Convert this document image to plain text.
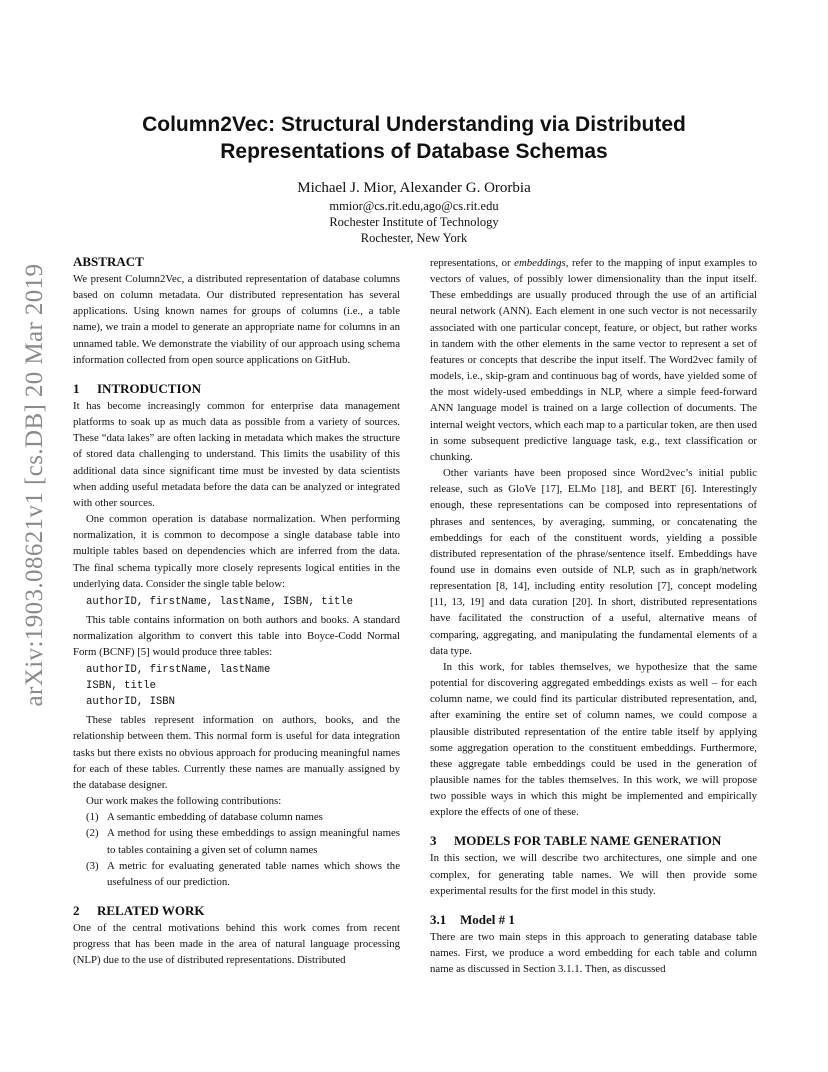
Column2Vec: Structural Understanding via Distributed
Representations of Database Schemas
Michael J. Mior, Alexander G. Ororbia
mmior@cs.rit.edu,ago@cs.rit.edu
Rochester Institute of Technology
Rochester, New York
arXiv:1903.08621v1 [cs.DB] 20 Mar 2019
ABSTRACT

We present Column2Vec, a distributed representation of database columns based on column metadata. Our distributed representation has several applications. Using known names for groups of columns (i.e., a table name), we train a model to generate an appropriate name for columns in an unnamed table. We demonstrate the viability of our approach using schema information collected from open source applications on GitHub.

1 INTRODUCTION

It has become increasingly common for enterprise data management platforms to soak up as much data as possible from a variety of sources. These “data lakes” are often lacking in metadata which makes the structure of stored data challenging to understand. This limits the usability of this additional data since significant time must be invested by data scientists when adding useful metadata before the data can be analyzed or integrated with other sources.

One common operation is database normalization. When performing normalization, it is common to decompose a single database table into multiple tables based on dependencies which are inferred from the data. The final schema typically more closely represents logical entities in the underlying data. Consider the single table below:

authorID, firstName, lastName, ISBN, title

This table contains information on both authors and books. A standard normalization algorithm to convert this table into Boyce-Codd Normal Form (BCNF) [5] would produce three tables:

authorID, firstName, lastName
ISBN, title
authorID, ISBN

These tables represent information on authors, books, and the relationship between them. This normal form is useful for data integration tasks but there exists no obvious approach for producing meaningful names for each of these tables. Currently these names are manually assigned by the database designer.

Our work makes the following contributions:

(1) A semantic embedding of database column names
(2) A method for using these embeddings to assign meaningful names to tables containing a given set of column names
(3) A metric for evaluating generated table names which shows the usefulness of our prediction.
2 RELATED WORK

One of the central motivations behind this work comes from recent progress that has been made in the area of natural language processing (NLP) due to the use of distributed representations. Distributed

representations, or embeddings, refer to the mapping of input examples to vectors of values, of possibly lower dimensionality than the input itself. These embeddings are usually produced through the use of an artificial neural network (ANN). Each element in one such vector is not necessarily associated with one particular concept, feature, or object, but rather works in tandem with the other elements in the same vector to represent a set of features or concepts that describe the input itself. The Word2vec family of models, i.e., skip-gram and continuous bag of words, have yielded some of the most widely-used embeddings in NLP, where a simple feed-forward ANN language model is trained on a large collection of documents. The internal weight vectors, which each map to a particular token, are then used in some subsequent predictive language task, e.g., text classification or chunking.

Other variants have been proposed since Word2vec’s initial public release, such as GloVe [17], ELMo [18], and BERT [6]. Interestingly enough, these representations can be composed into representations of phrases and sentences, by averaging, summing, or concatenating the embeddings for each of the constituent words, yielding a possible distributed representation of the phrase/sentence itself. Embeddings have found use in domains even outside of NLP, such as in graph/network representation [8, 14], including entity resolution [7], concept modeling [11, 13, 19] and data curation [20]. In short, distributed representations have facilitated the construction of a useful, alternative means of comparing, aggregating, and manipulating the fundamental elements of a data type.

In this work, for tables themselves, we hypothesize that the same potential for discovering aggregated embeddings exists as well – for each column name, we could find its particular distributed representation, and, after examining the entire set of column names, we could compose a plausible distributed representation of the entire table itself by applying some aggregation operation to the constituent embeddings. Furthermore, these aggregate table embeddings could be used in the generation of plausible names for the tables themselves. In this work, we will propose two possible ways in which this might be implemented and empirically explore the effects of one of these.

3 MODELS FOR TABLE NAME GENERATION

In this section, we will describe two architectures, one simple and one complex, for generating table names. We will then provide some experimental results for the first model in this study.

3.1 Model # 1

There are two main steps in this approach to generating database table names. First, we produce a word embedding for each table and column name as discussed in Section 3.1.1. Then, as discussed
